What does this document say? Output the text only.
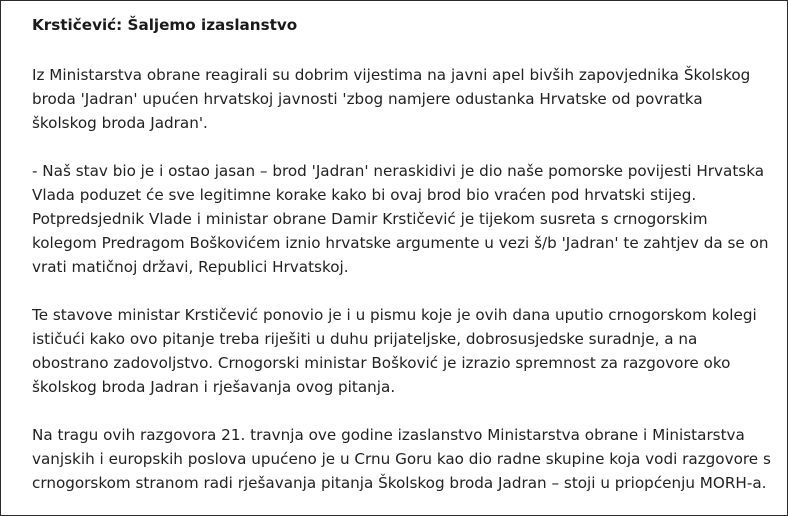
Krstičević: Šaljemo izaslanstvo

Iz Ministarstva obrane reagirali su dobrim vijestima na javni apel bivših zapovjednika Školskog broda 'Jadran' upućen hrvatskoj javnosti 'zbog namjere odustanka Hrvatske od povratka školskog broda Jadran'.

- Naš stav bio je i ostao jasan – brod 'Jadran' neraskidivi je dio naše pomorske povijesti Hrvatska Vlada poduzet će sve legitimne korake kako bi ovaj brod bio vraćen pod hrvatski stijeg. Potpredsjednik Vlade i ministar obrane Damir Krstičević je tijekom susreta s crnogorskim kolegom Predragom Boškovićem iznio hrvatske argumente u vezi š/b 'Jadran' te zahtjev da se on vrati matičnoj državi, Republici Hrvatskoj.

Te stavove ministar Krstičević ponovio je i u pismu koje je ovih dana uputio crnogorskom kolegi ističući kako ovo pitanje treba riješiti u duhu prijateljske, dobrosusjedske suradnje, a na obostrano zadovoljstvo. Crnogorski ministar Bošković je izrazio spremnost za razgovore oko školskog broda Jadran i rješavanja ovog pitanja.

Na tragu ovih razgovora 21. travnja ove godine izaslanstvo Ministarstva obrane i Ministarstva vanjskih i europskih poslova upućeno je u Crnu Goru kao dio radne skupine koja vodi razgovore s crnogorskom stranom radi rješavanja pitanja Školskog broda Jadran – stoji u priopćenju MORH-a.
